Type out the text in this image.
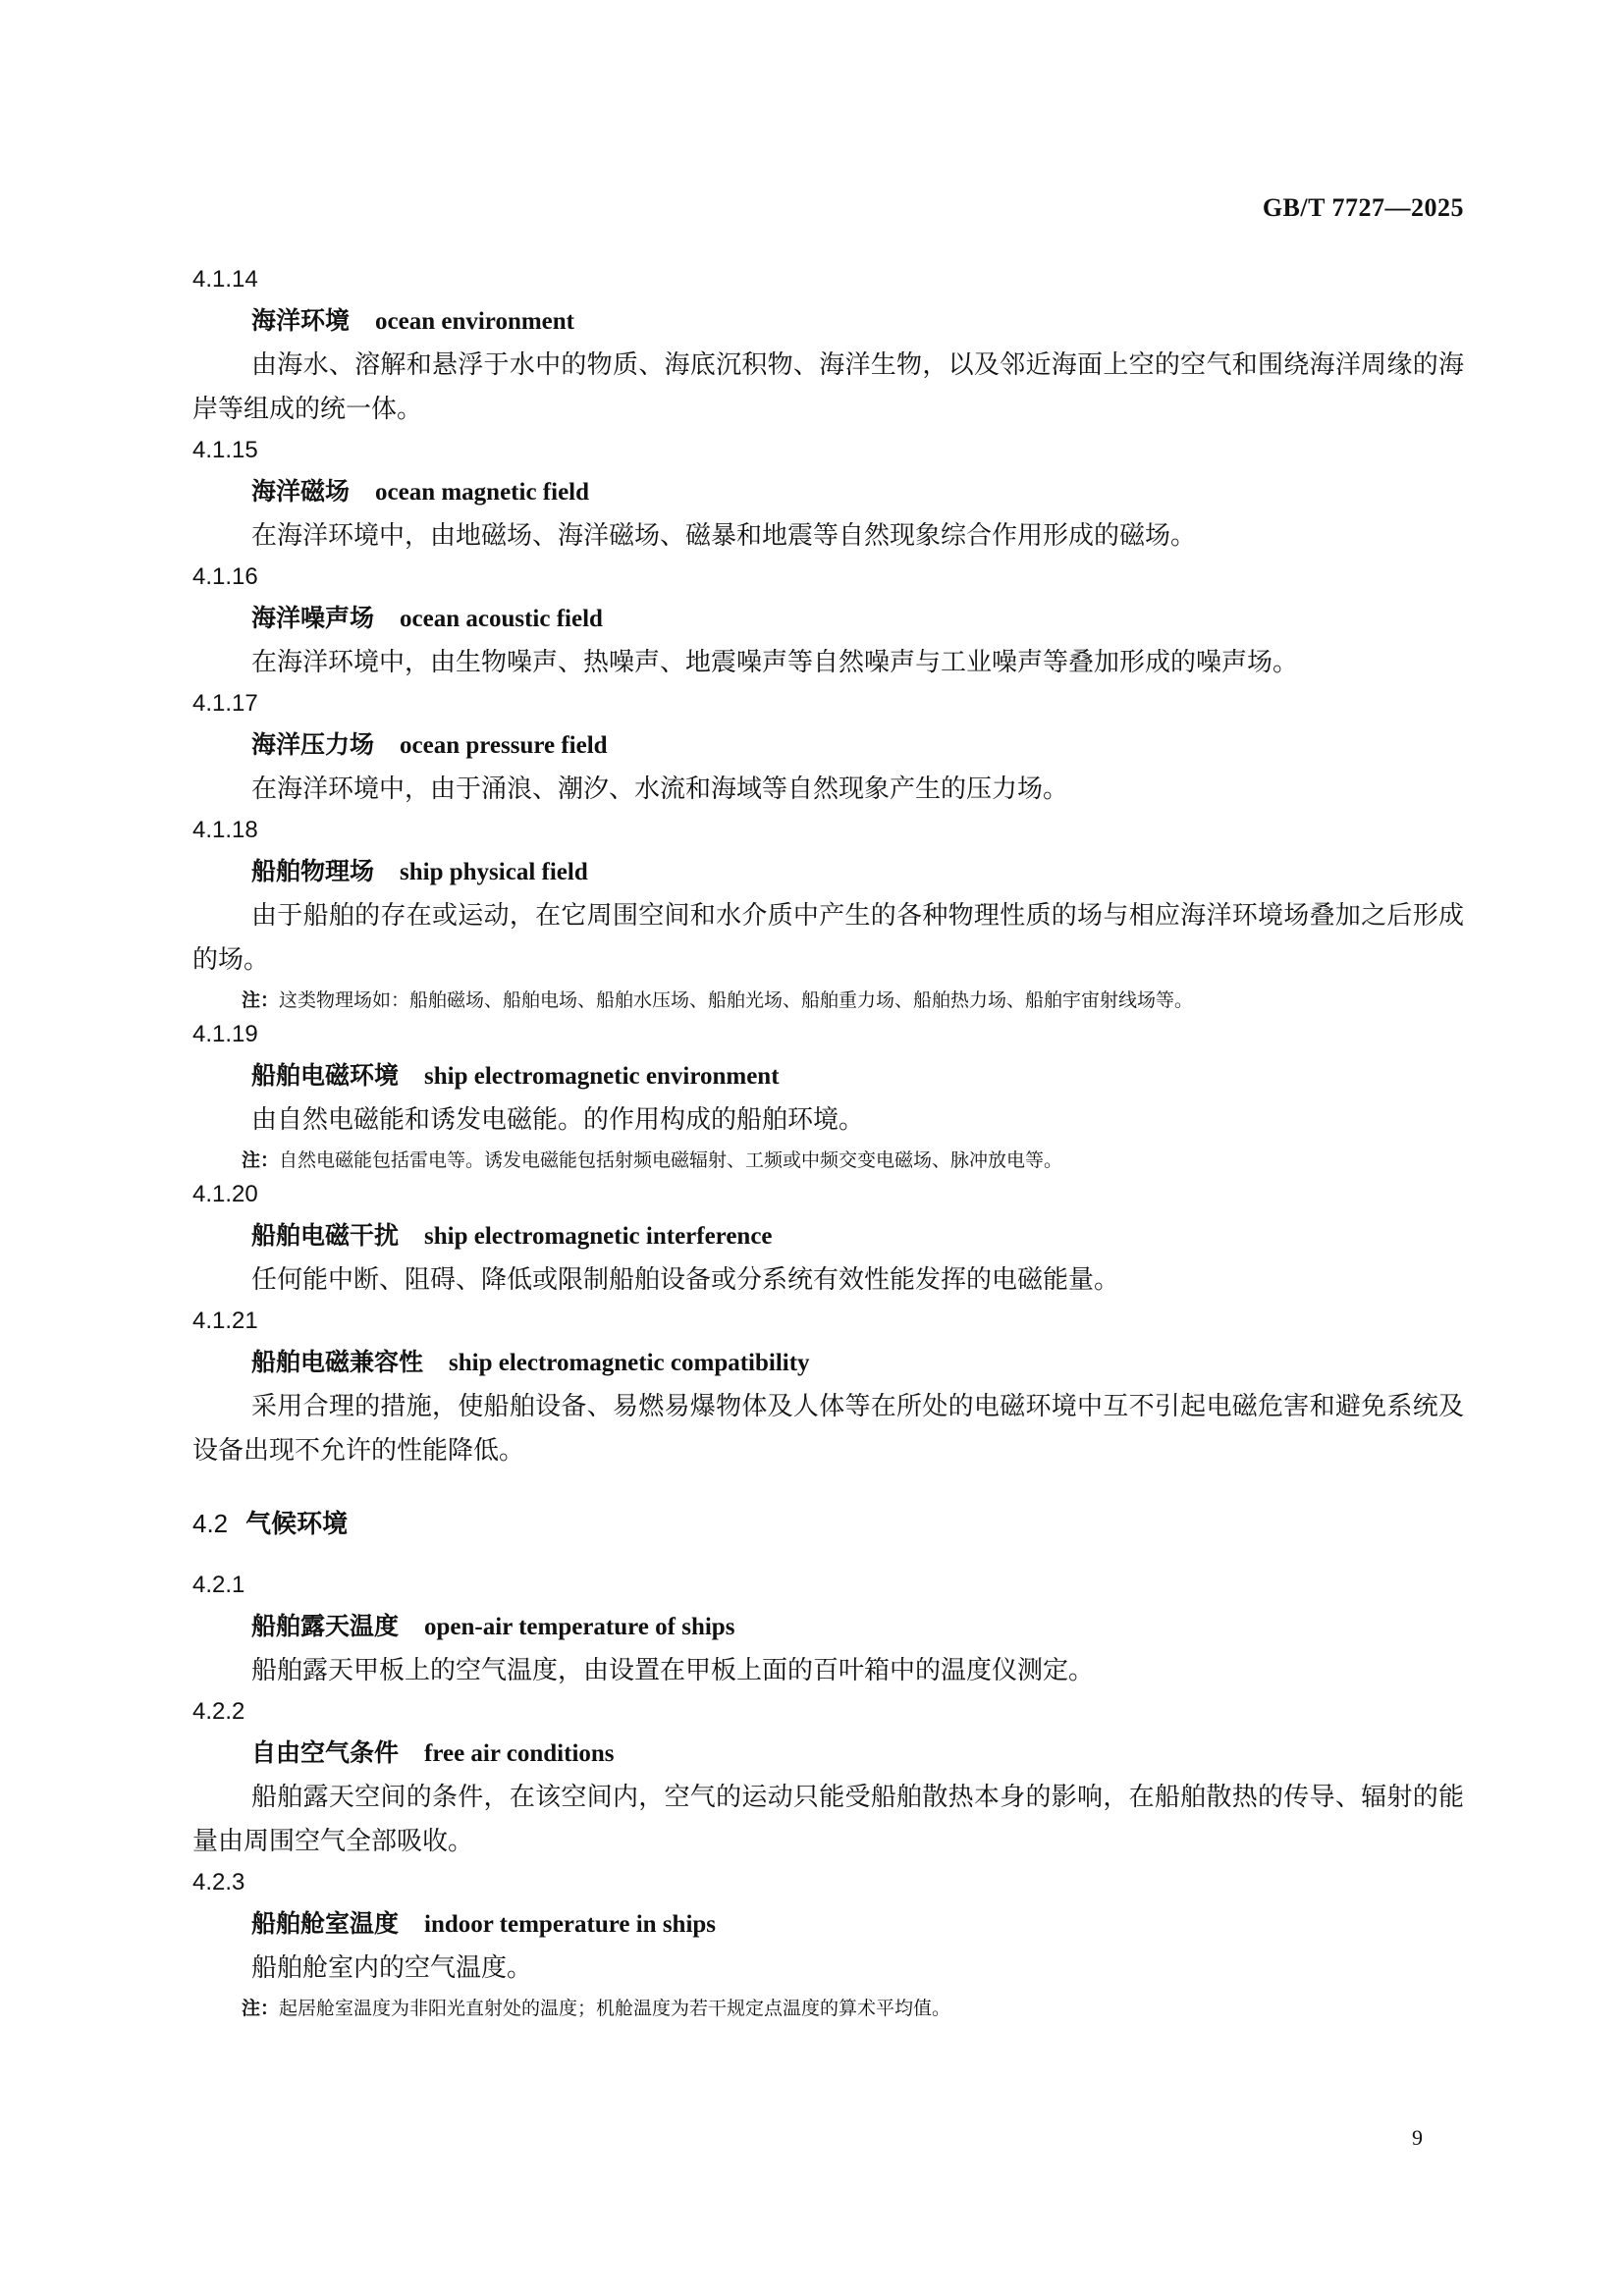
GB/T 7727—2025
4.1.14
海洋环境 ocean environment
由海水、溶解和悬浮于水中的物质、海底沉积物、海洋生物，以及邻近海面上空的空气和围绕海洋周缘的海岸等组成的统一体。
4.1.15
海洋磁场 ocean magnetic field
在海洋环境中，由地磁场、海洋磁场、磁暴和地震等自然现象综合作用形成的磁场。
4.1.16
海洋噪声场 ocean acoustic field
在海洋环境中，由生物噪声、热噪声、地震噪声等自然噪声与工业噪声等叠加形成的噪声场。
4.1.17
海洋压力场 ocean pressure field
在海洋环境中，由于涌浪、潮汐、水流和海域等自然现象产生的压力场。
4.1.18
船舶物理场 ship physical field
由于船舶的存在或运动，在它周围空间和水介质中产生的各种物理性质的场与相应海洋环境场叠加之后形成的场。
注：这类物理场如：船舶磁场、船舶电场、船舶水压场、船舶光场、船舶重力场、船舶热力场、船舶宇宙射线场等。
4.1.19
船舶电磁环境 ship electromagnetic environment
由自然电磁能和诱发电磁能。的作用构成的船舶环境。
注：自然电磁能包括雷电等。诱发电磁能包括射频电磁辐射、工频或中频交变电磁场、脉冲放电等。
4.1.20
船舶电磁干扰 ship electromagnetic interference
任何能中断、阻碍、降低或限制船舶设备或分系统有效性能发挥的电磁能量。
4.1.21
船舶电磁兼容性 ship electromagnetic compatibility
采用合理的措施，使船舶设备、易燃易爆物体及人体等在所处的电磁环境中互不引起电磁危害和避免系统及设备出现不允许的性能降低。
4.2 气候环境
4.2.1
船舶露天温度 open-air temperature of ships
船舶露天甲板上的空气温度，由设置在甲板上面的百叶箱中的温度仪测定。
4.2.2
自由空气条件 free air conditions
船舶露天空间的条件，在该空间内，空气的运动只能受船舶散热本身的影响，在船舶散热的传导、辐射的能量由周围空气全部吸收。
4.2.3
船舶舱室温度 indoor temperature in ships
船舶舱室内的空气温度。
注：起居舱室温度为非阳光直射处的温度；机舱温度为若干规定点温度的算术平均值。
9
